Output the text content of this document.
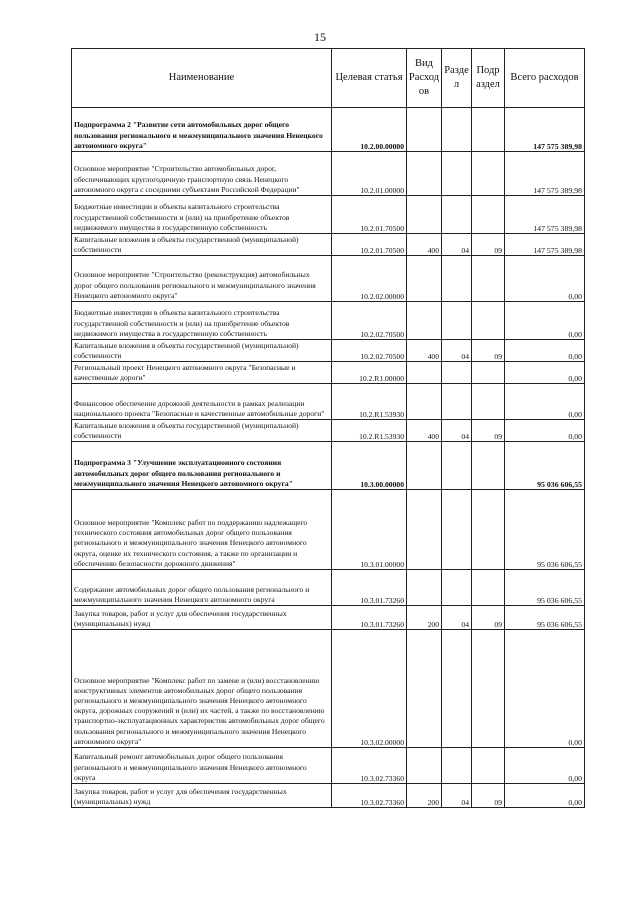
15
Наименование	Целевая статья	Вид Расход ов	Разде л	Подр аздел	Всего расходов
Подпрограмма 2 "Развитие сети автомобильных дорог общего пользования регионального и межмуниципального значения Ненецкого автономного округа"	10.2.00.00000				147 575 389,98
Основное мероприятие "Строительство автомобильных дорог, обеспечивающих круглогодичную транспортную связь Ненецкого автономного округа с соседними субъектами Российской Федерации"	10.2.01.00000				147 575 389,98
Бюджетные инвестиции в объекты капитального строительства государственной собственности и (или) на приобретение объектов недвижимого имущества в государственную собственность	10.2.01.70500				147 575 389,98
Капитальные вложения в объекты государственной (муниципальной) собственности	10.2.01.70500	400	04	09	147 575 389,98
Основное мероприятие "Строительство (реконструкция) автомобильных дорог общего пользования регионального и межмуниципального значения Ненецкого автономного округа"	10.2.02.00000				0,00
Бюджетные инвестиции в объекты капитального строительства государственной собственности и (или) на приобретение объектов недвижимого имущества в государственную собственность	10.2.02.70500				0,00
Капитальные вложения в объекты государственной (муниципальной) собственности	10.2.02.70500	400	04	09	0,00
Региональный проект Ненецкого автономного округа "Безопасные и качественные дороги"	10.2.R1.00000				0,00
Финансовое обеспечение дорожной деятельности в рамках реализации национального проекта "Безопасные и качественные автомобильные дороги"	10.2.R1.53930				0,00
Капитальные вложения в объекты государственной (муниципальной) собственности	10.2.R1.53930	400	04	09	0,00
Подпрограмма 3 "Улучшение эксплуатационного состояния автомобильных дорог общего пользования регионального и межмуниципального значения Ненецкого автономного округа"	10.3.00.00000				95 036 606,55
Основное мероприятие "Комплекс работ по поддержанию надлежащего технического состояния автомобильных дорог общего пользования регионального и межмуниципального значения Ненецкого автономного округа, оценке их технического состояния, а также по организации и обеспечению безопасности дорожного движения"	10.3.01.00000				95 036 606,55
Содержание автомобильных дорог общего пользования регионального и межмуниципального значения Ненецкого автономного округа	10.3.01.73260				95 036 606,55
Закупка товаров, работ и услуг для обеспечения государственных (муниципальных) нужд	10.3.01.73260	200	04	09	95 036 606,55
Основное мероприятие "Комплекс работ по замене и (или) восстановлению конструктивных элементов автомобильных дорог общего пользования регионального и межмуниципального значения Ненецкого автономного округа, дорожных сооружений и (или) их частей, а также по восстановлению транспортно-эксплуатационных характеристик автомобильных дорог общего пользования регионального и межмуниципального значения Ненецкого автономного округа"	10.3.02.00000				0,00
Капитальный ремонт автомобильных дорог общего пользования регионального и межмуниципального значения Ненецкого автономного округа	10.3.02.73360				0,00
Закупка товаров, работ и услуг для обеспечения государственных (муниципальных) нужд	10.3.02.73360	200	04	09	0,00
